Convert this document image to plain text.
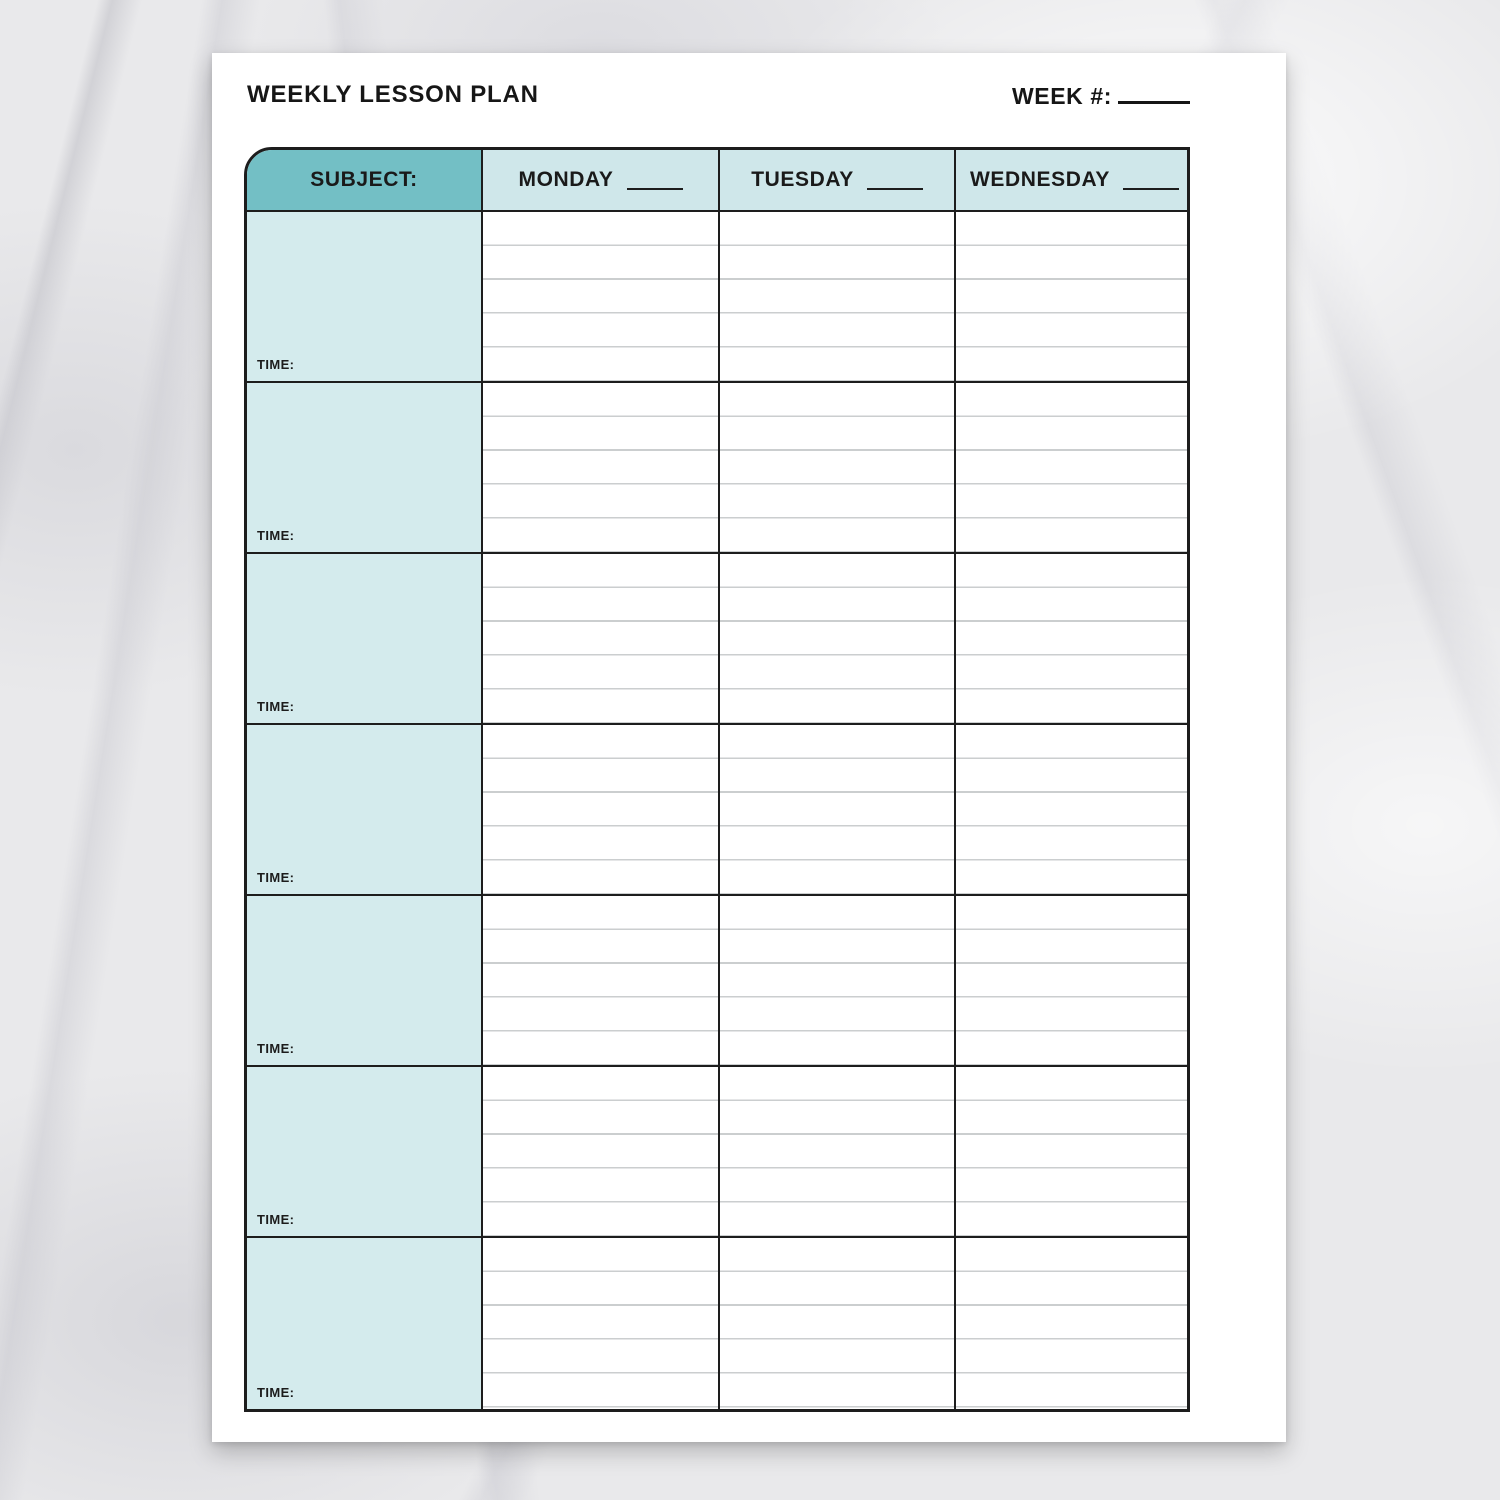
WEEKLY LESSON PLAN	WEEK #:
SUBJECT:	MONDAY	TUESDAY	WEDNESDAY
TIME:
TIME:
TIME:
TIME:
TIME:
TIME:
TIME:
